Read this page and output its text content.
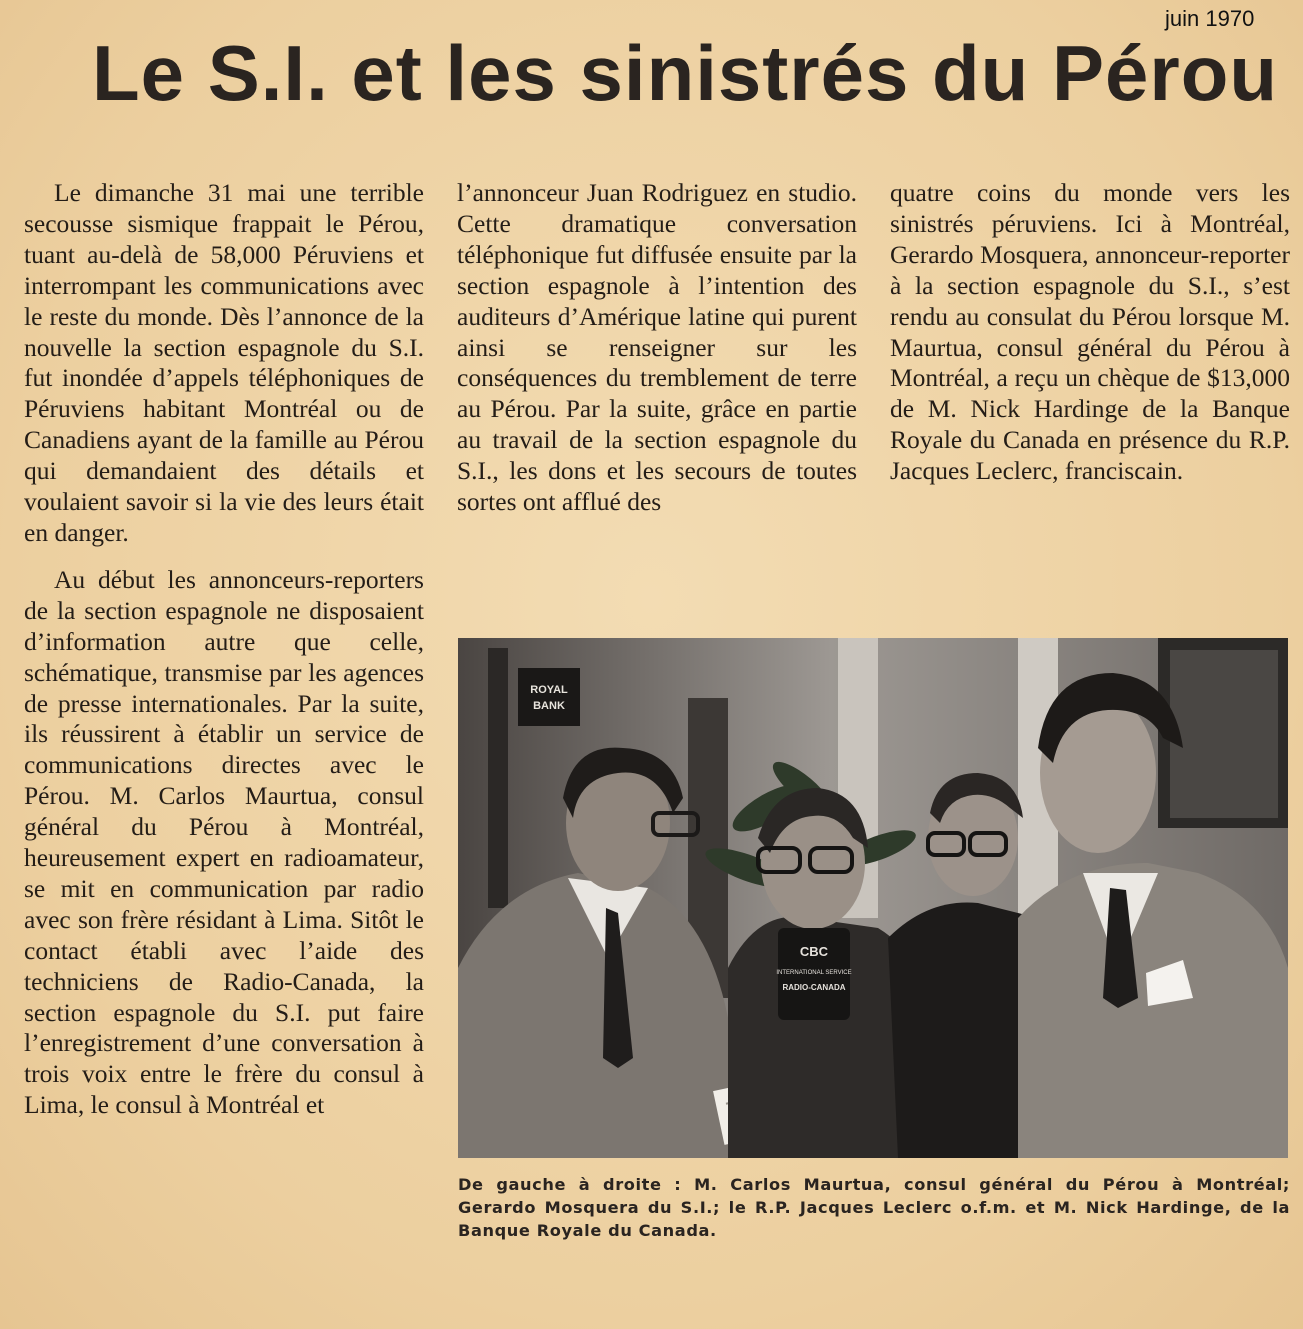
juin 1970
Le S.I. et les sinistrés du Pérou

Le dimanche 31 mai une terrible secousse sismique frappait le Pérou, tuant au-delà de 58,000 Péruviens et interrompant les communications avec le reste du monde. Dès l’annonce de la nouvelle la section espagnole du S.I. fut inondée d’appels téléphoniques de Péruviens habitant Montréal ou de Canadiens ayant de la famille au Pérou qui demandaient des détails et voulaient savoir si la vie des leurs était en danger.

Au début les annonceurs-reporters de la section espagnole ne disposaient d’information autre que celle, schématique, transmise par les agences de presse internationales. Par la suite, ils réussirent à établir un service de communications directes avec le Pérou. M. Carlos Maurtua, consul général du Pérou à Montréal, heureusement expert en radioamateur, se mit en communication par radio avec son frère résidant à Lima. Sitôt le contact établi avec l’aide des techniciens de Radio-Canada, la section espagnole du S.I. put faire l’enregistrement d’une conversation à trois voix entre le frère du consul à Lima, le consul à Montréal et

l’annonceur Juan Rodriguez en studio. Cette dramatique conversation téléphonique fut diffusée ensuite par la section espagnole à l’intention des auditeurs d’Amérique latine qui purent ainsi se renseigner sur les conséquences du tremblement de terre au Pérou. Par la suite, grâce en partie au travail de la section espagnole du S.I., les dons et les secours de toutes sortes ont afflué des

quatre coins du monde vers les sinistrés péruviens. Ici à Montréal, Gerardo Mosquera, annonceur-reporter à la section espagnole du S.I., s’est rendu au consulat du Pérou lorsque M. Maurtua, consul général du Pérou à Montréal, a reçu un chèque de $13,000 de M. Nick Hardinge de la Banque Royale du Canada en présence du R.P. Jacques Leclerc, franciscain.

ROYAL
BANK
CBC
INTERNATIONAL SERVICE
RADIO-CANADA
De gauche à droite : M. Carlos Maurtua, consul général du Pérou à Montréal; Gerardo Mosquera du S.I.; le R.P. Jacques Leclerc o.f.m. et M. Nick Hardinge, de la Banque Royale du Canada.
